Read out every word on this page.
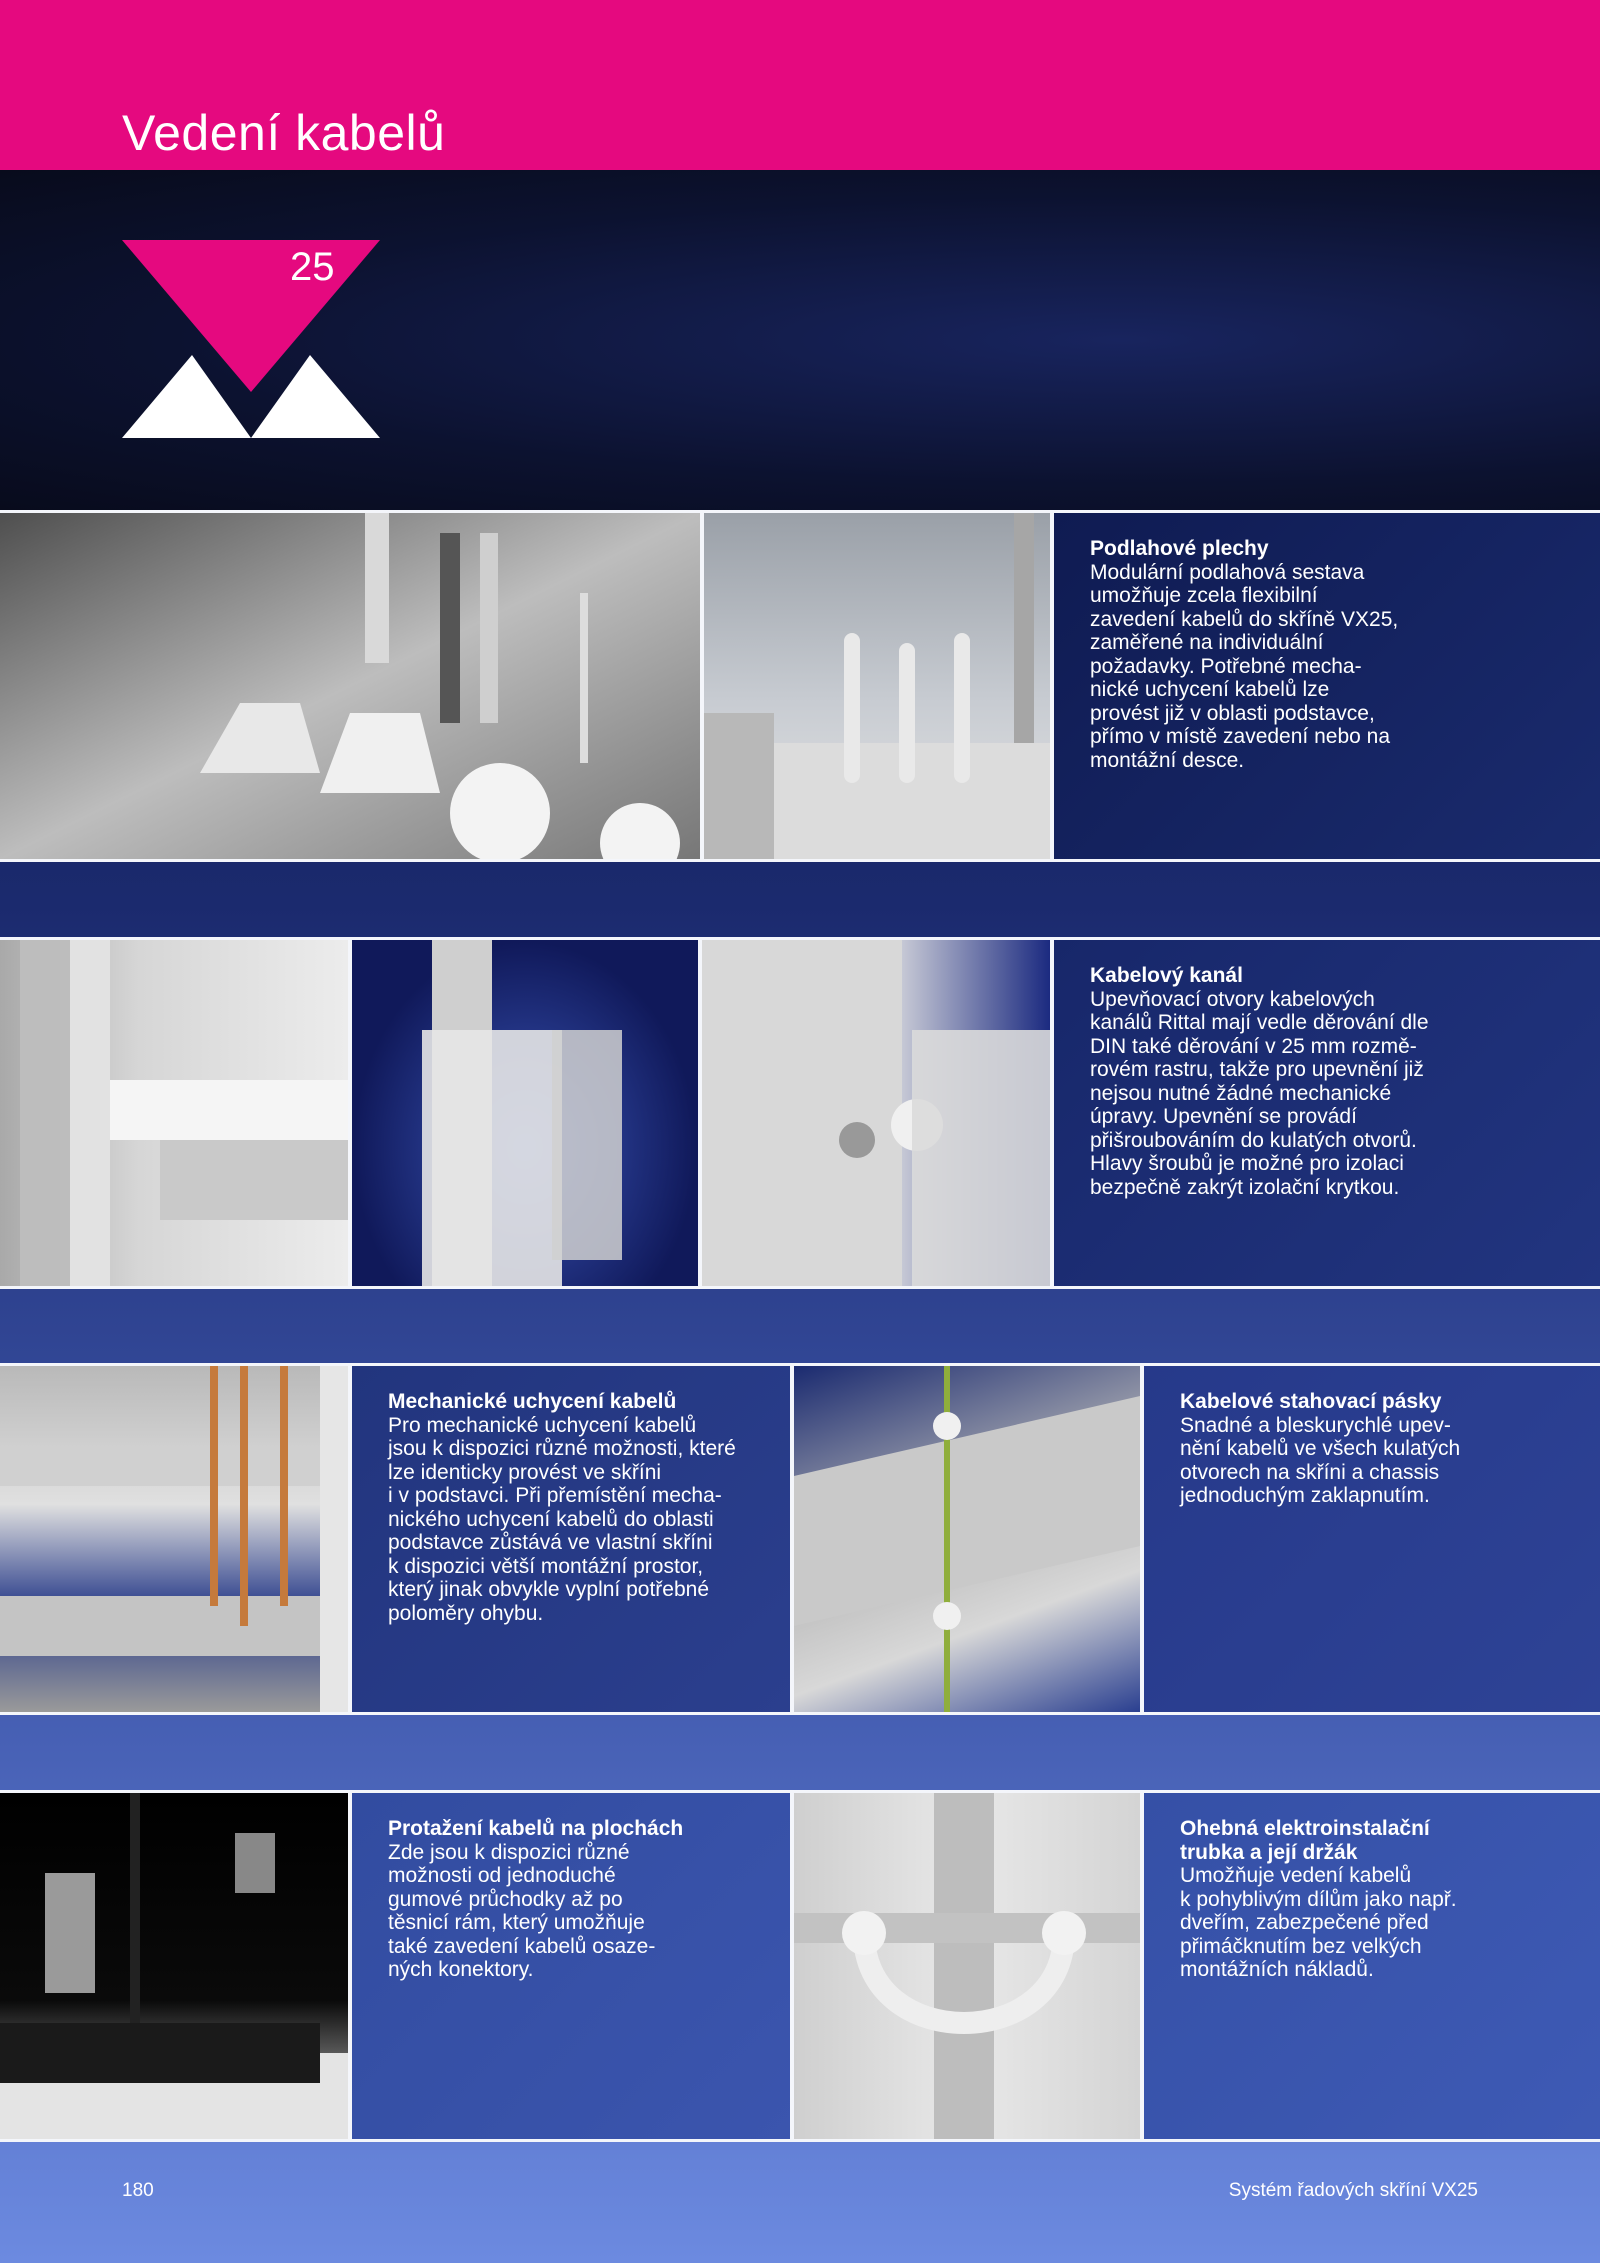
Vedení kabelů
25
Podlahové plechy
Modulární podlahová sestava
umožňuje zcela flexibilní
zavedení kabelů do skříně VX25,
zaměřené na individuální
požadavky. Potřebné mecha-
nické uchycení kabelů lze
provést již v oblasti podstavce,
přímo v místě zavedení nebo na
montážní desce.
Kabelový kanál
Upevňovací otvory kabelových
kanálů Rittal mají vedle děrování dle
DIN také děrování v 25 mm rozmě-
rovém rastru, takže pro upevnění již
nejsou nutné žádné mechanické
úpravy. Upevnění se provádí
přišroubováním do kulatých otvorů.
Hlavy šroubů je možné pro izolaci
bezpečně zakrýt izolační krytkou.
Mechanické uchycení kabelů
Pro mechanické uchycení kabelů
jsou k dispozici různé možnosti, které
lze identicky provést ve skříni
i v podstavci. Při přemístění mecha-
nického uchycení kabelů do oblasti
podstavce zůstává ve vlastní skříni
k dispozici větší montážní prostor,
který jinak obvykle vyplní potřebné
poloměry ohybu.
Kabelové stahovací pásky
Snadné a bleskurychlé upev-
nění kabelů ve všech kulatých
otvorech na skříni a chassis
jednoduchým zaklapnutím.
Protažení kabelů na plochách
Zde jsou k dispozici různé
možnosti od jednoduché
gumové průchodky až po
těsnicí rám, který umožňuje
také zavedení kabelů osaze-
ných konektory.
Ohebná elektroinstalační
trubka a její držák
Umožňuje vedení kabelů
k pohyblivým dílům jako např.
dveřím, zabezpečené před
přimáčknutím bez velkých
montážních nákladů.
180	Systém řadových skříní VX25
